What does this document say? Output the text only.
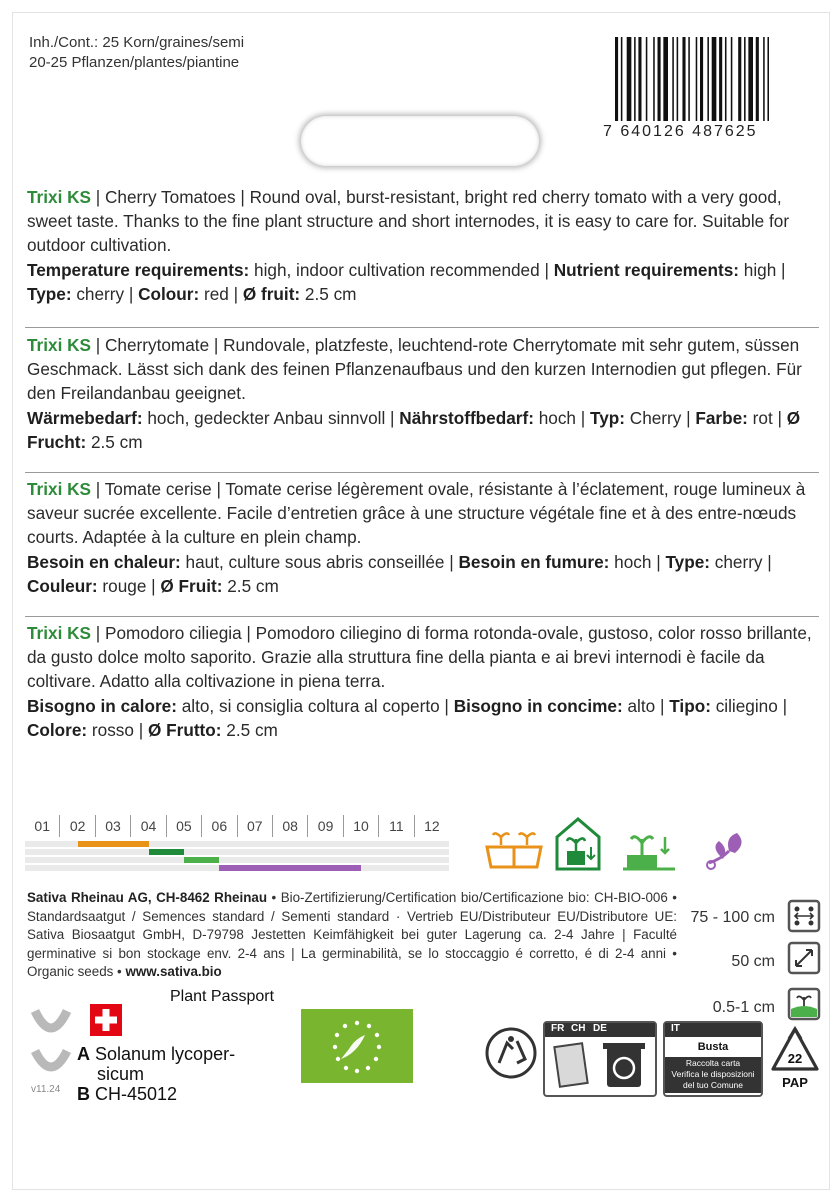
Inh./Cont.: 25 Korn/graines/semi
20-25 Pflanzen/plantes/piantine
7 640126 487625
Trixi KS | Cherry Tomatoes | Round oval, burst-resistant, bright red cherry tomato with a very good, sweet taste. Thanks to the fine plant structure and short internodes, it is easy to care for. Suitable for outdoor cultivation.
Temperature requirements: high, indoor cultivation recommended | Nutrient requirements: high | Type: cherry | Colour: red | Ø fruit: 2.5 cm
Trixi KS | Cherrytomate | Rundovale, platzfeste, leuchtend-rote Cherrytomate mit sehr gutem, süssen Geschmack. Lässt sich dank des feinen Pflanzenaufbaus und den kurzen Internodien gut pflegen. Für den Freilandanbau geeignet.
Wärmebedarf: hoch, gedeckter Anbau sinnvoll | Nährstoffbedarf: hoch | Typ: Cherry | Farbe: rot | Ø Frucht: 2.5 cm
Trixi KS | Tomate cerise | Tomate cerise légèrement ovale, résistante à l’éclatement, rouge lumineux à saveur sucrée excellente. Facile d’entretien grâce à une structure végétale fine et à des entre-nœuds courts. Adaptée à la culture en plein champ.
Besoin en chaleur: haut, culture sous abris conseillée | Besoin en fumure: hoch | Type: cherry | Couleur: rouge | Ø Fruit: 2.5 cm
Trixi KS | Pomodoro ciliegia | Pomodoro ciliegino di forma rotonda-ovale, gustoso, color rosso brillante, da gusto dolce molto saporito. Grazie alla struttura fine della pianta e ai brevi internodi è facile da coltivare. Adatto alla coltivazione in piena terra.
Bisogno in calore: alto, si consiglia coltura al coperto | Bisogno in concime: alto | Tipo: ciliegino | Colore: rosso | Ø Frutto: 2.5 cm
01	02	03	04	05	06	07	08	09	10	11	12
Sativa Rheinau AG, CH-8462 Rheinau • Bio-Zertifizierung/Certification bio/Certificazione bio: CH-BIO-006 • Standardsaatgut / Semences standard / Sementi standard · Vertrieb EU/Distributeur EU/Distributore UE: Sativa Biosaatgut GmbH, D-79798 Jestetten Keimfähigkeit bei guter Lagerung ca. 2-4 Jahre | Faculté germinative si bon stockage env. 2-4 ans | La germinabilità, se lo stoccaggio é corretto, é di 2-4 anni • Organic seeds • www.sativa.bio
75 - 100 cm
50 cm
0.5-1 cm
Plant Passport
A Solanum lycoper-
sicum
B CH-45012
v11.24
FR CH DE	IT
Busta
Raccolta carta
Verifica le disposizioni
del tuo Comune
22
PAP
